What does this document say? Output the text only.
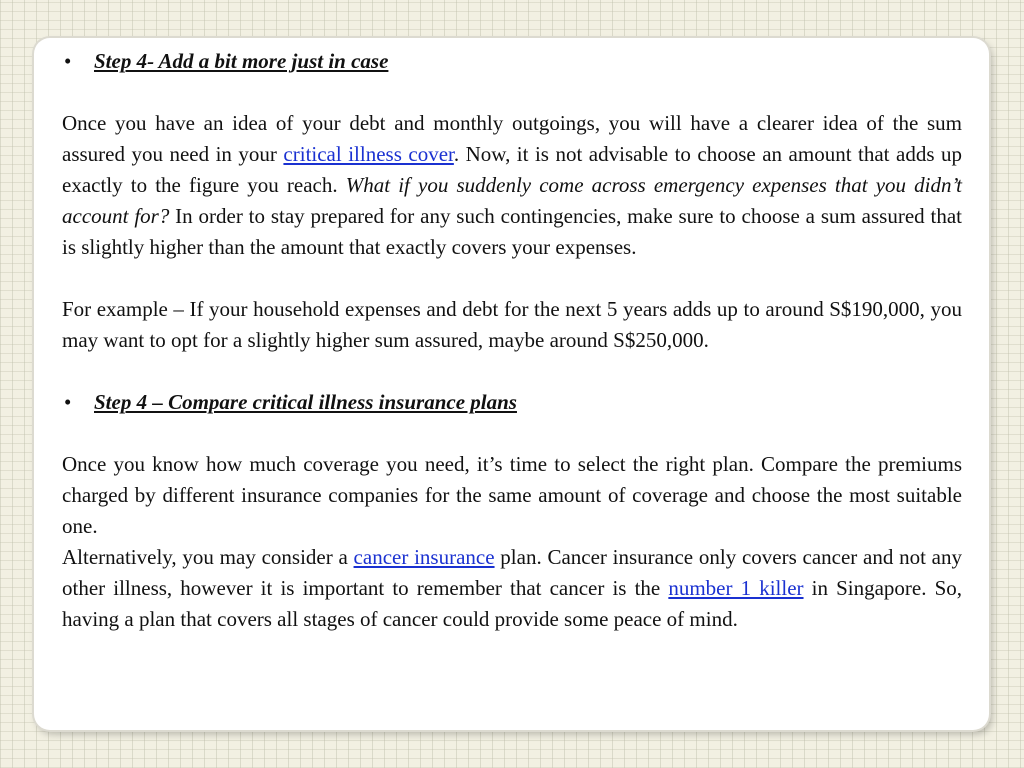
•	Step 4- Add a bit more just in case

Once you have an idea of your debt and monthly outgoings, you will have a clearer idea of the sum assured you need in your critical illness cover. Now, it is not advisable to choose an amount that adds up exactly to the figure you reach. What if you suddenly come across emergency expenses that you didn’t account for? In order to stay prepared for any such contingencies, make sure to choose a sum assured that is slightly higher than the amount that exactly covers your expenses.

For example – If your household expenses and debt for the next 5 years adds up to around S$190,000, you may want to opt for a slightly higher sum assured, maybe around S$250,000.

•	Step 4 – Compare critical illness insurance plans

Once you know how much coverage you need, it’s time to select the right plan. Compare the premiums charged by different insurance companies for the same amount of coverage and choose the most suitable one.

Alternatively, you may consider a cancer insurance plan. Cancer insurance only covers cancer and not any other illness, however it is important to remember that cancer is the number 1 killer in Singapore. So, having a plan that covers all stages of cancer could provide some peace of mind.
